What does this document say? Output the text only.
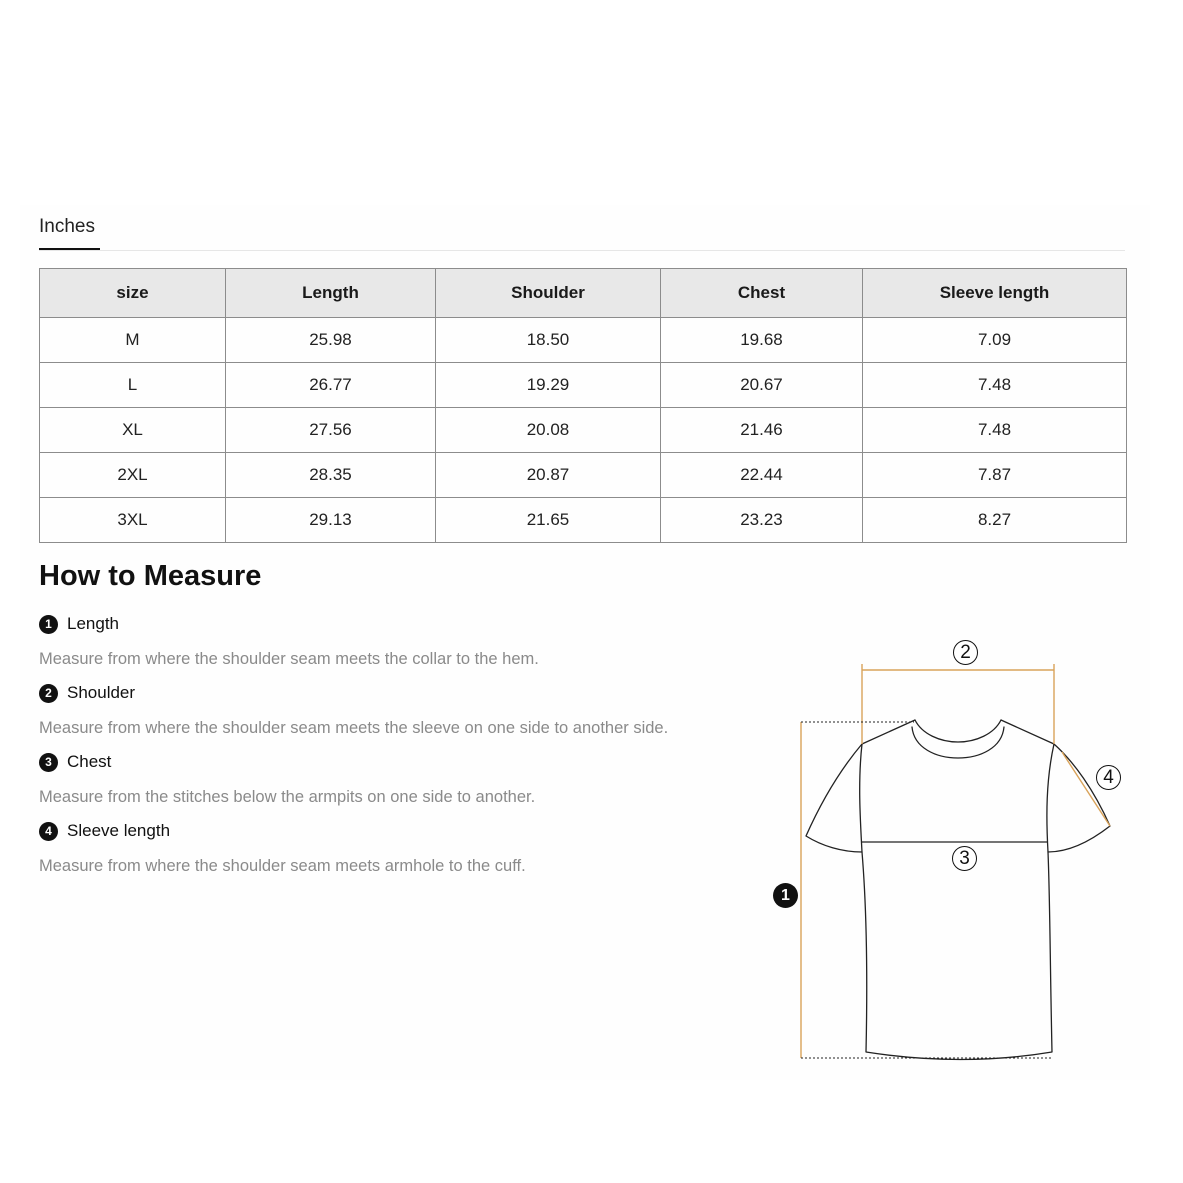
Inches
size	Length	Shoulder	Chest	Sleeve length
M	25.98	18.50	19.68	7.09
L	26.77	19.29	20.67	7.48
XL	27.56	20.08	21.46	7.48
2XL	28.35	20.87	22.44	7.87
3XL	29.13	21.65	23.23	8.27
How to Measure
1 Length
Measure from where the shoulder seam meets the collar to the hem.
2 Shoulder
Measure from where the shoulder seam meets the sleeve on one side to another side.
3 Chest
Measure from the stitches below the armpits on one side to another.
4 Sleeve length
Measure from where the shoulder seam meets armhole to the cuff.
2
4
3
1
